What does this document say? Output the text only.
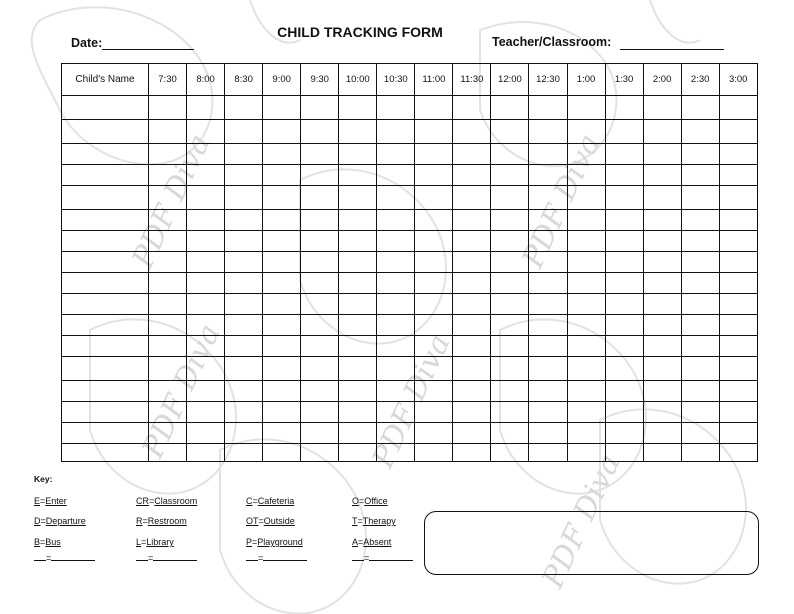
PDF Diva	PDF Diva
PDF Diva	PDF Diva
PDF Diva
CHILD TRACKING FORM
Date:	Teacher/Classroom:
Child's Name	7:30	8:00	8:30	9:00	9:30	10:00	10:30	11:00	11:30	12:00	12:30	1:00	1:30	2:00	2:30	3:00

Key:
E=Enter
D=Departure
B=Bus
CR=Classroom
R=Restroom
L=Library
C=Cafeteria
OT=Outside
P=Playground
O=Office
T=Therapy
A=Absent
=	=	=	=
